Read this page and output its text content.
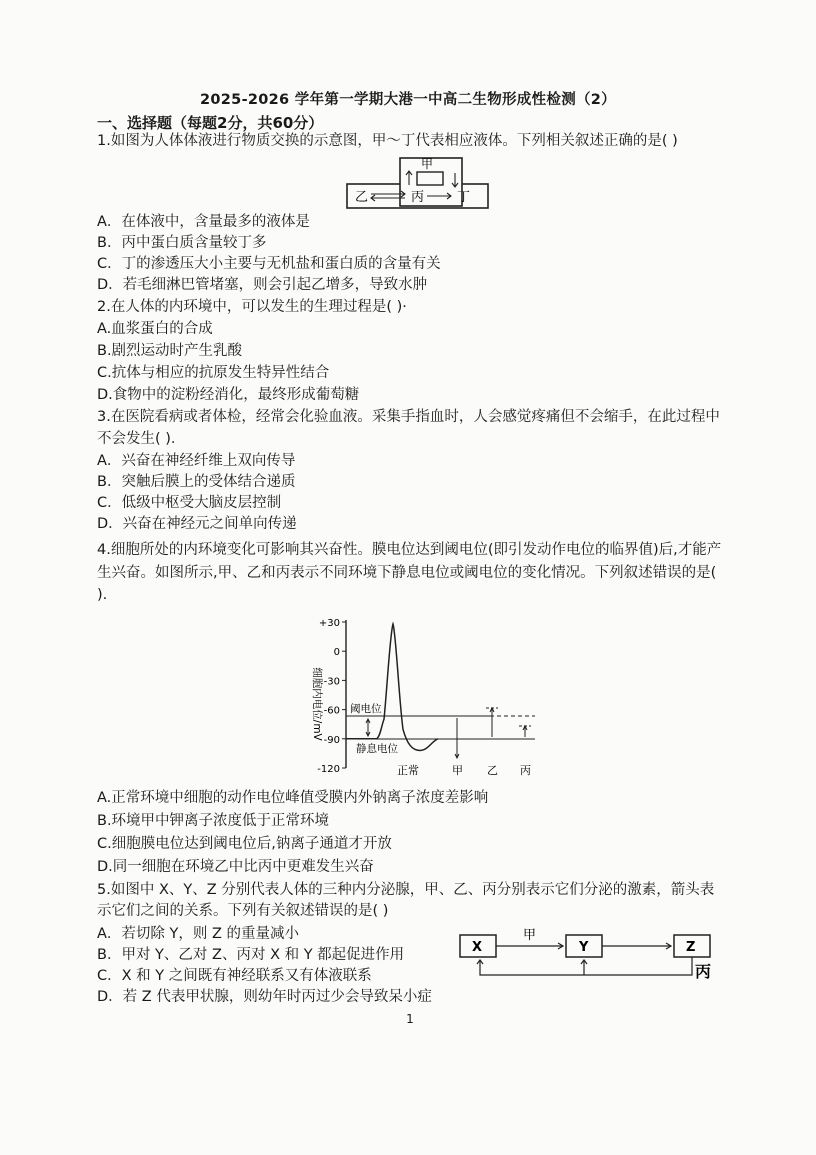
2025-2026 学年第一学期大港一中高二生物形成性检测（2）
一、选择题（每题2分，共60分）
1.如图为人体体液进行物质交换的示意图，甲～丁代表相应液体。下列相关叙述正确的是( )
甲
乙	丙	丁
A．在体液中，含量最多的液体是
B．丙中蛋白质含量较丁多
C．丁的渗透压大小主要与无机盐和蛋白质的含量有关
D．若毛细淋巴管堵塞，则会引起乙增多，导致水肿
2.在人体的内环境中，可以发生的生理过程是( )·
A.血浆蛋白的合成
B.剧烈运动时产生乳酸
C.抗体与相应的抗原发生特异性结合
D.食物中的淀粉经消化，最终形成葡萄糖
3.在医院看病或者体检，经常会化验血液。采集手指血时，人会感觉疼痛但不会缩手，在此过程中不会发生( )．
A．兴奋在神经纤维上双向传导
B．突触后膜上的受体结合递质
C．低级中枢受大脑皮层控制
D．兴奋在神经元之间单向传递
4.细胞所处的内环境变化可影响其兴奋性。膜电位达到阈电位(即引发动作电位的临界值)后,才能产生兴奋。如图所示,甲、乙和丙表示不同环境下静息电位或阈电位的变化情况。下列叙述错误的是( ).
细胞内电位/mV
+30
0
-30
-60
-90
-120
阈电位
静息电位
正常	甲 乙 丙
A.正常环境中细胞的动作电位峰值受膜内外钠离子浓度差影响
B.环境甲中钾离子浓度低于正常环境
C.细胞膜电位达到阈电位后,钠离子通道才开放
D.同一细胞在环境乙中比丙中更难发生兴奋
5.如图中 X、Y、Z 分别代表人体的三种内分泌腺，甲、乙、丙分别表示它们分泌的激素，箭头表示它们之间的关系。下列有关叙述错误的是( )
X	Y	Z
甲
丙
A．若切除 Y，则 Z 的重量减小
B．甲对 Y、乙对 Z、丙对 X 和 Y 都起促进作用
C．X 和 Y 之间既有神经联系又有体液联系
D．若 Z 代表甲状腺，则幼年时丙过少会导致呆小症
1
